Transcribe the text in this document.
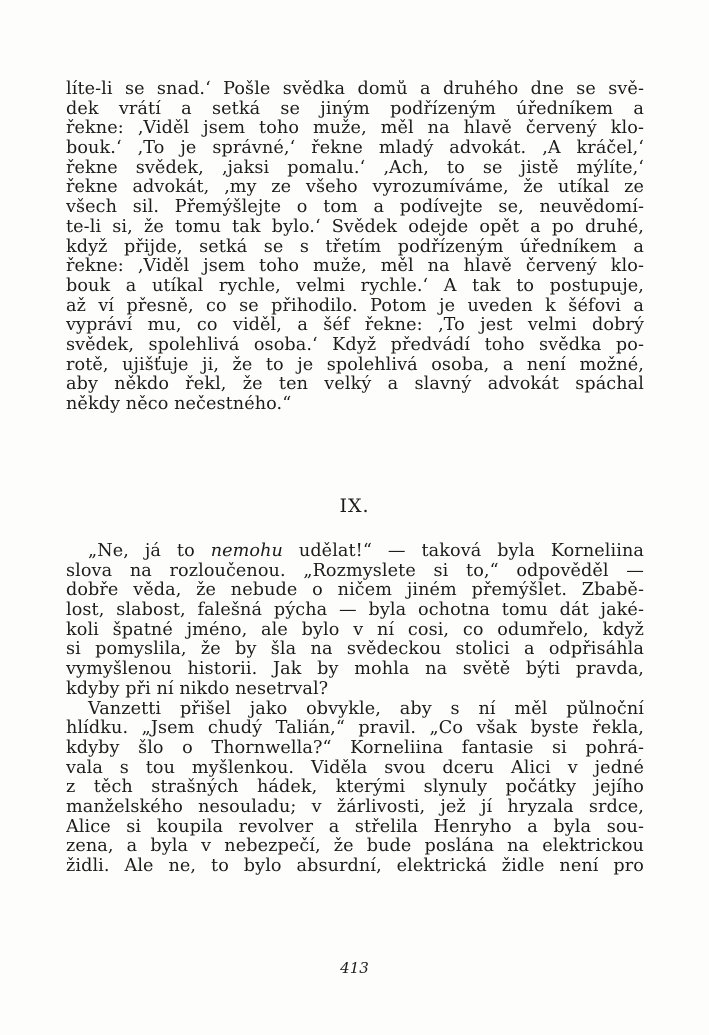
líte-li se snad.‘ Pošle svědka domů a druhého dne se svě-
dek vrátí a setká se jiným podřízeným úředníkem a
řekne: ‚Viděl jsem toho muže, měl na hlavě červený klo-
bouk.‘ ‚To je správné,‘ řekne mladý advokát. ‚A kráčel,‘
řekne svědek, ‚jaksi pomalu.‘ ‚Ach, to se jistě mýlíte,‘
řekne advokát, ‚my ze všeho vyrozumíváme, že utíkal ze
všech sil. Přemýšlejte o tom a podívejte se, neuvědomí-
te-li si, že tomu tak bylo.‘ Svědek odejde opět a po druhé,
když přijde, setká se s třetím podřízeným úředníkem a
řekne: ‚Viděl jsem toho muže, měl na hlavě červený klo-
bouk a utíkal rychle, velmi rychle.‘ A tak to postupuje,
až ví přesně, co se přihodilo. Potom je uveden k šéfovi a
vypráví mu, co viděl, a šéf řekne: ‚To jest velmi dobrý
svědek, spolehlivá osoba.‘ Když předvádí toho svědka po-
rotě, ujišťuje ji, že to je spolehlivá osoba, a není možné,
aby někdo řekl, že ten velký a slavný advokát spáchal
někdy něco nečestného.“
IX.
„Ne, já to nemohu udělat!“ — taková byla Korneliina
slova na rozloučenou. „Rozmyslete si to,“ odpověděl —
dobře věda, že nebude o ničem jiném přemýšlet. Zbabě-
lost, slabost, falešná pýcha — byla ochotna tomu dát jaké-
koli špatné jméno, ale bylo v ní cosi, co odumřelo, když
si pomyslila, že by šla na svědeckou stolici a odpřisáhla
vymyšlenou historii. Jak by mohla na světě býti pravda,
kdyby při ní nikdo nesetrval?
Vanzetti přišel jako obvykle, aby s ní měl půlnoční
hlídku. „Jsem chudý Talián,“ pravil. „Co však byste řekla,
kdyby šlo o Thornwella?“ Korneliina fantasie si pohrá-
vala s tou myšlenkou. Viděla svou dceru Alici v jedné
z těch strašných hádek, kterými slynuly počátky jejího
manželského nesouladu; v žárlivosti, jež jí hryzala srdce,
Alice si koupila revolver a střelila Henryho a byla sou-
zena, a byla v nebezpečí, že bude poslána na elektrickou
židli. Ale ne, to bylo absurdní, elektrická židle není pro
413
